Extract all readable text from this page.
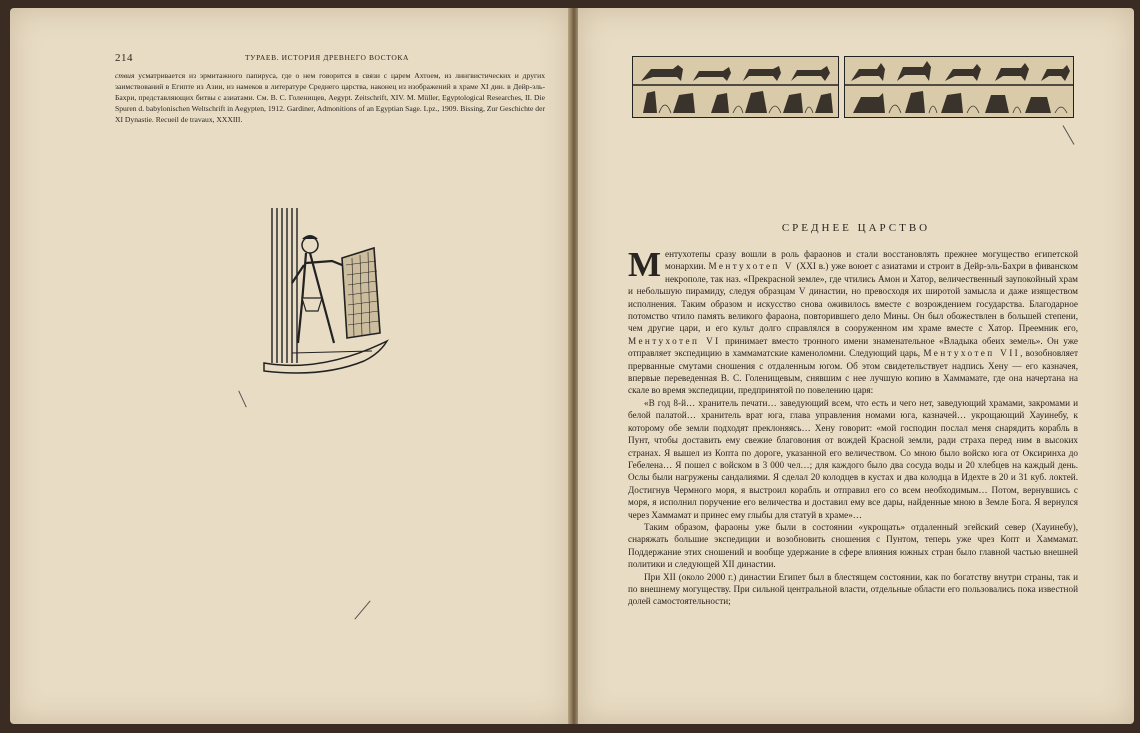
214	ТУРАЕВ. ИСТОРИЯ ДРЕВНЕГО ВОСТОКА
ствия усматривается из эрмитажного папируса, где о нем говорится в связи с царем Ахтоем, из лингвистических и других заимствований в Египте из Азии, из намеков в литературе Среднего царства, наконец из изображений в храме XI дин. в Дейр-эль-Бахри, представляющих битвы с азиатами. См. В. С. Голенищев, Aegypt. Zeitschrift, XIV. M. Müller, Egyptological Researches, II. Die Spuren d. babylonischen Weltschrift in Aegypten, 1912. Gardiner, Admonitions of an Egyptian Sage. Lpz., 1909. Bissing, Zur Geschichte der XI Dynastie. Recueil de travaux, XXXIII.
СРЕДНЕЕ ЦАРСТВО

Ментухотепы сразу вошли в роль фараонов и стали восстановлять прежнее могущество египетской монархии. Ментухотеп V (XXI в.) уже воюет с азиатами и строит в Дейр-эль-Бахри в фиванском некрополе, так наз. «Прекрасной земле», где чтились Амон и Хатор, величественный заупокойный храм и небольшую пирамиду, следуя образцам V династии, но превосходя их широтой замысла и даже изяществом исполнения. Таким образом и искусство снова оживилось вместе с возрождением государства. Благодарное потомство чтило память великого фараона, повторившего дело Мины. Он был обожествлен в большей степени, чем другие цари, и его культ долго справлялся в сооруженном им храме вместе с Хатор. Преемник его, Ментухотеп VI принимает вместо тронного имени знаменательное «Владыка обеих земель». Он уже отправляет экспедицию в хаммаматские каменоломни. Следующий царь, Ментухотеп VII, возобновляет прерванные смутами сношения с отдаленным югом. Об этом свидетельствует надпись Хену — его казначея, впервые переведенная В. С. Голенищевым, снявшим с нее лучшую копию в Хаммамате, где она начертана на скале во время экспедиции, предпринятой по повелению царя:

«В год 8-й… хранитель печати… заведующий всем, что есть и чего нет, заведующий храмами, закромами и белой палатой… хранитель врат юга, глава управления номами юга, казначей… укрощающий Хауинебу, к которому обе земли подходят преклоняясь… Хену говорит: «мой господин послал меня снарядить корабль в Пунт, чтобы доставить ему свежие благовония от вождей Красной земли, ради страха перед ним в высоких странах. Я вышел из Копта по дороге, указанной его величеством. Со мною было войско юга от Оксиринха до Гебелена… Я пошел с войском в 3 000 чел…; для каждого было два сосуда воды и 20 хлебцев на каждый день. Ослы были нагружены сандалиями. Я сделал 20 колодцев в кустах и два колодца в Идехте в 20 и 31 куб. локтей. Достигнув Чермного моря, я выстроил корабль и отправил его со всем необходимым… Потом, вернувшись с моря, я исполнил поручение его величества и доставил ему все дары, найденные мною в Земле Бога. Я вернулся через Хаммамат и принес ему глыбы для статуй в храме»…

Таким образом, фараоны уже были в состоянии «укрощать» отдаленный эгейский север (Хауинебу), снаряжать большие экспедиции и возобновить сношения с Пунтом, теперь уже чрез Копт и Хаммамат. Поддержание этих сношений и вообще удержание в сфере влияния южных стран было главной частью внешней политики и следующей XII династии.

При XII (около 2000 г.) династии Египет был в блестящем состоянии, как по богатству внутри страны, так и по внешнему могуществу. При сильной центральной власти, отдельные области его пользовались пока известной долей самостоятельности;
